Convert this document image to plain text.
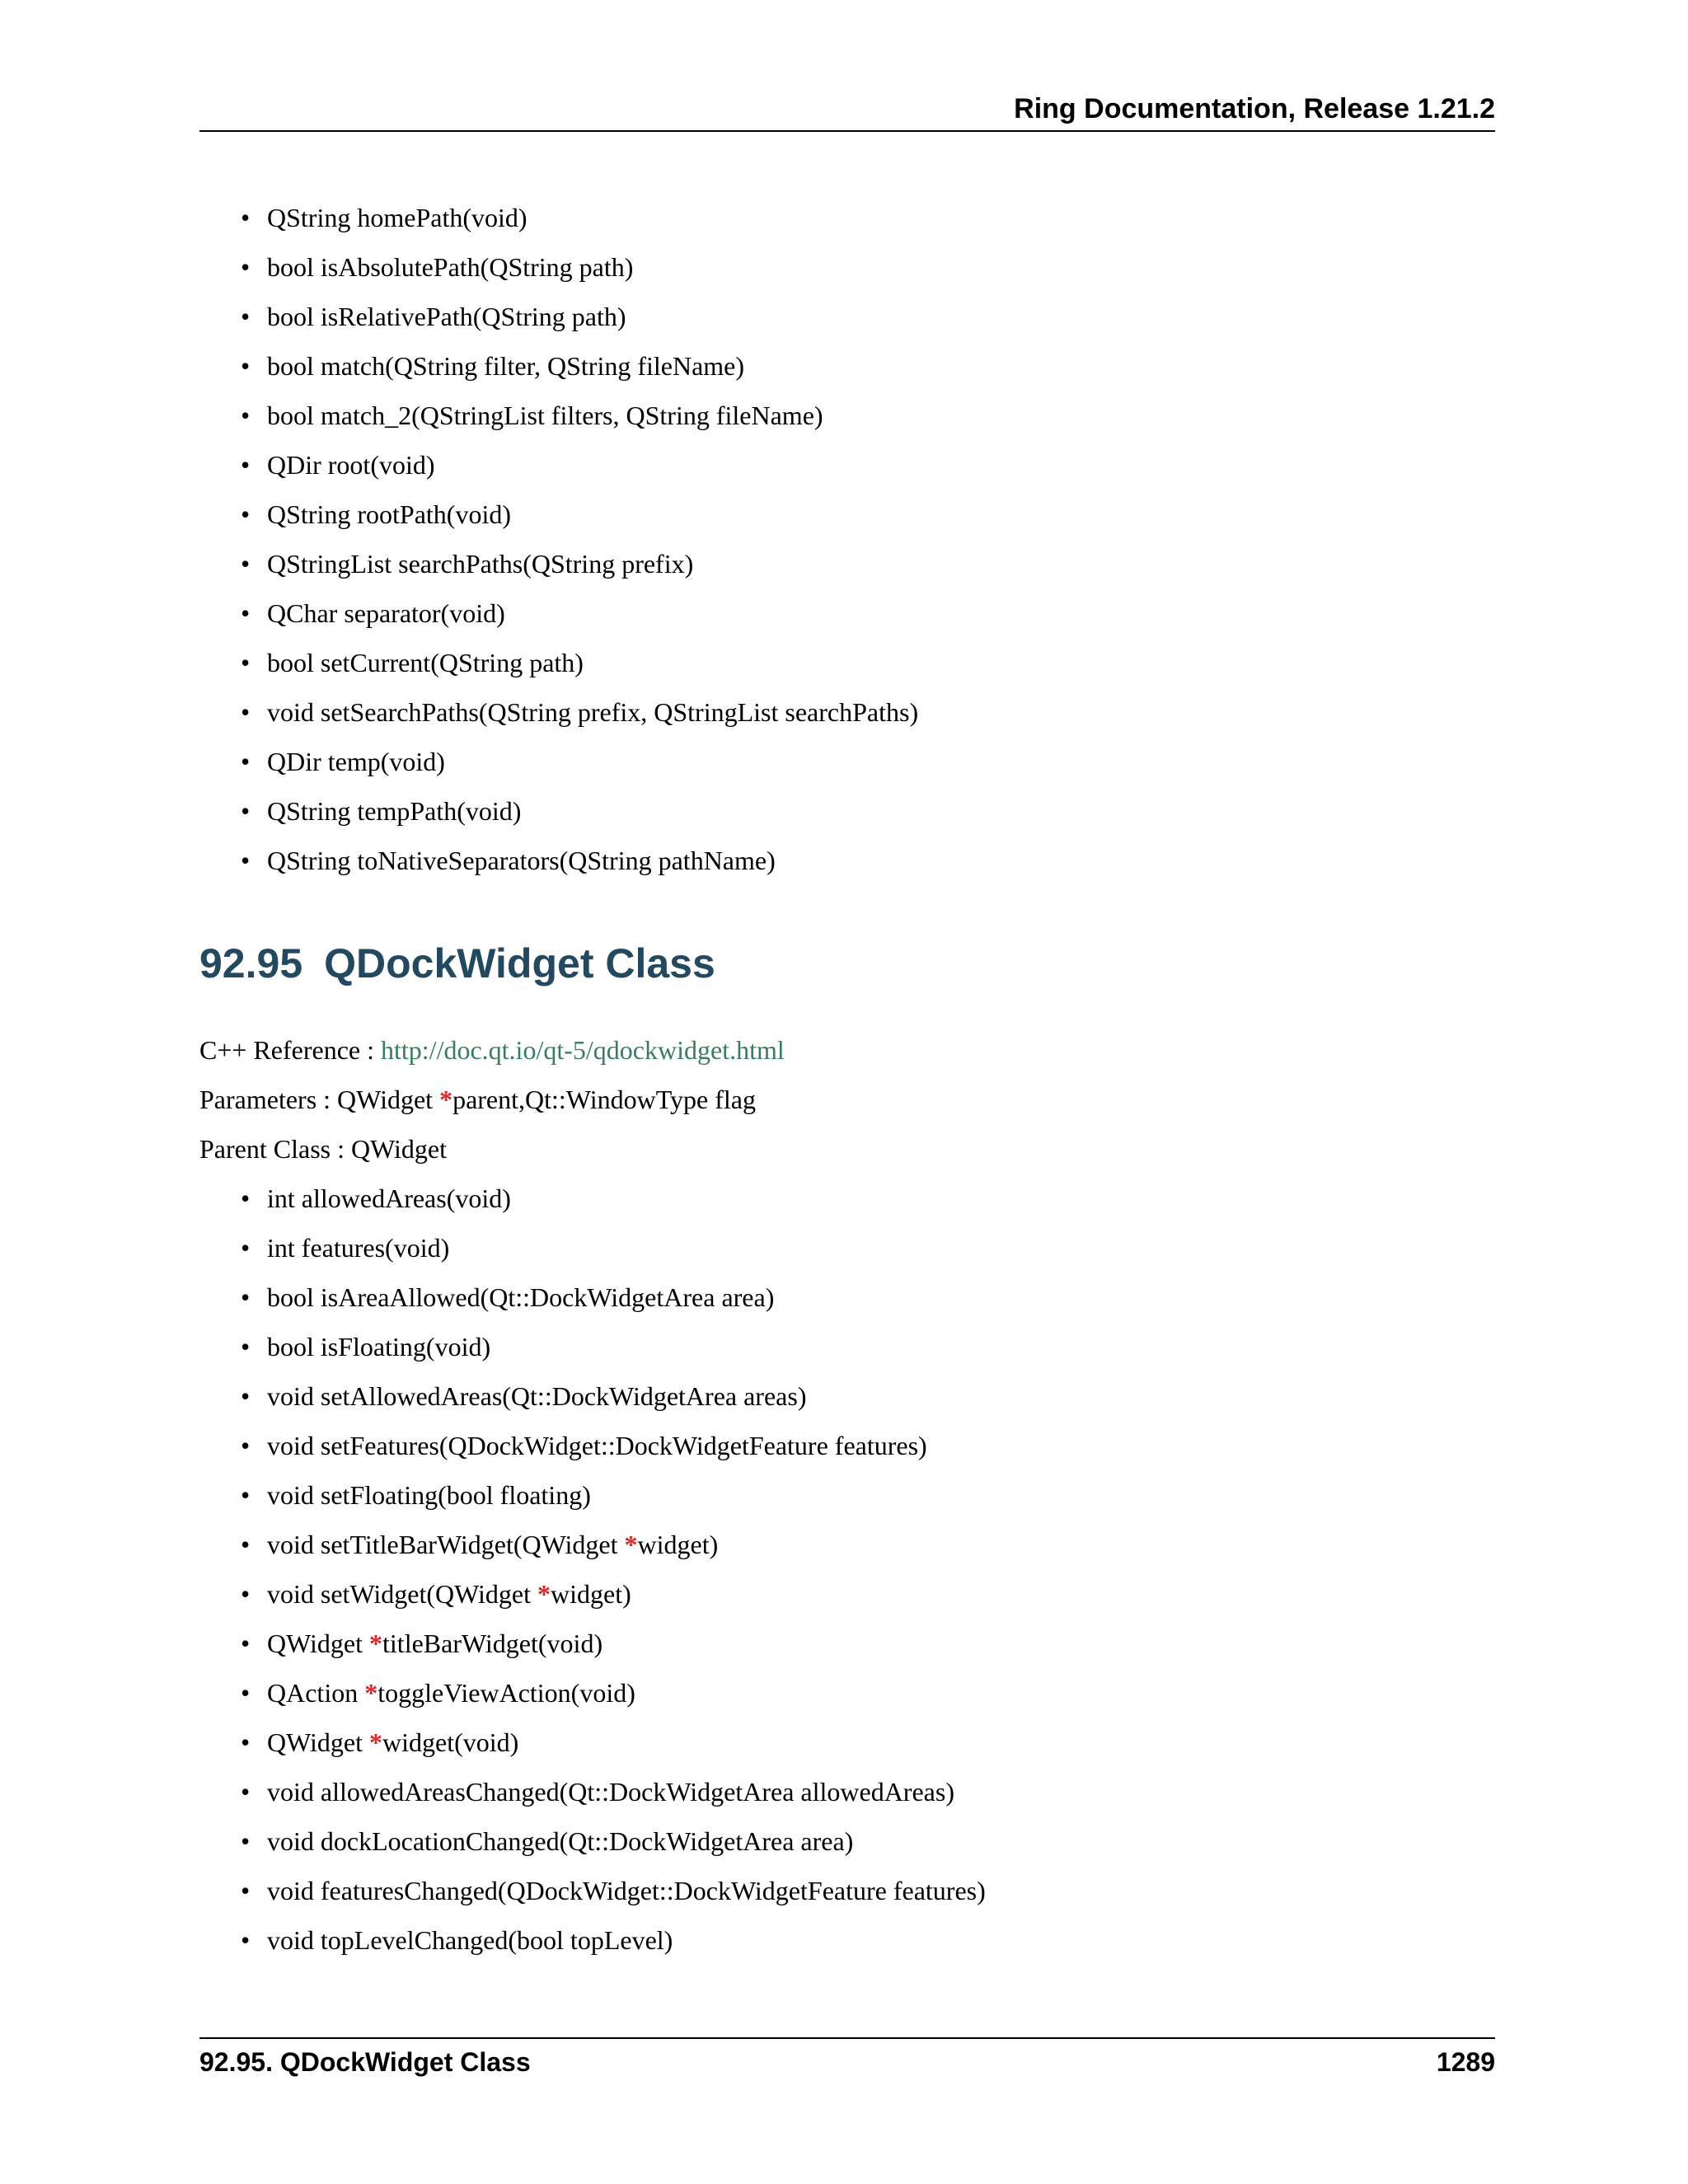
Ring Documentation, Release 1.21.2
• QString homePath(void)
• bool isAbsolutePath(QString path)
• bool isRelativePath(QString path)
• bool match(QString filter, QString fileName)
• bool match_2(QStringList filters, QString fileName)
• QDir root(void)
• QString rootPath(void)
• QStringList searchPaths(QString prefix)
• QChar separator(void)
• bool setCurrent(QString path)
• void setSearchPaths(QString prefix, QStringList searchPaths)
• QDir temp(void)
• QString tempPath(void)
• QString toNativeSeparators(QString pathName)
92.95 QDockWidget Class
C++ Reference : http://doc.qt.io/qt-5/qdockwidget.html
Parameters : QWidget *parent,Qt::WindowType flag
Parent Class : QWidget
• int allowedAreas(void)
• int features(void)
• bool isAreaAllowed(Qt::DockWidgetArea area)
• bool isFloating(void)
• void setAllowedAreas(Qt::DockWidgetArea areas)
• void setFeatures(QDockWidget::DockWidgetFeature features)
• void setFloating(bool floating)
• void setTitleBarWidget(QWidget *widget)
• void setWidget(QWidget *widget)
• QWidget *titleBarWidget(void)
• QAction *toggleViewAction(void)
• QWidget *widget(void)
• void allowedAreasChanged(Qt::DockWidgetArea allowedAreas)
• void dockLocationChanged(Qt::DockWidgetArea area)
• void featuresChanged(QDockWidget::DockWidgetFeature features)
• void topLevelChanged(bool topLevel)
92.95. QDockWidget Class	1289
